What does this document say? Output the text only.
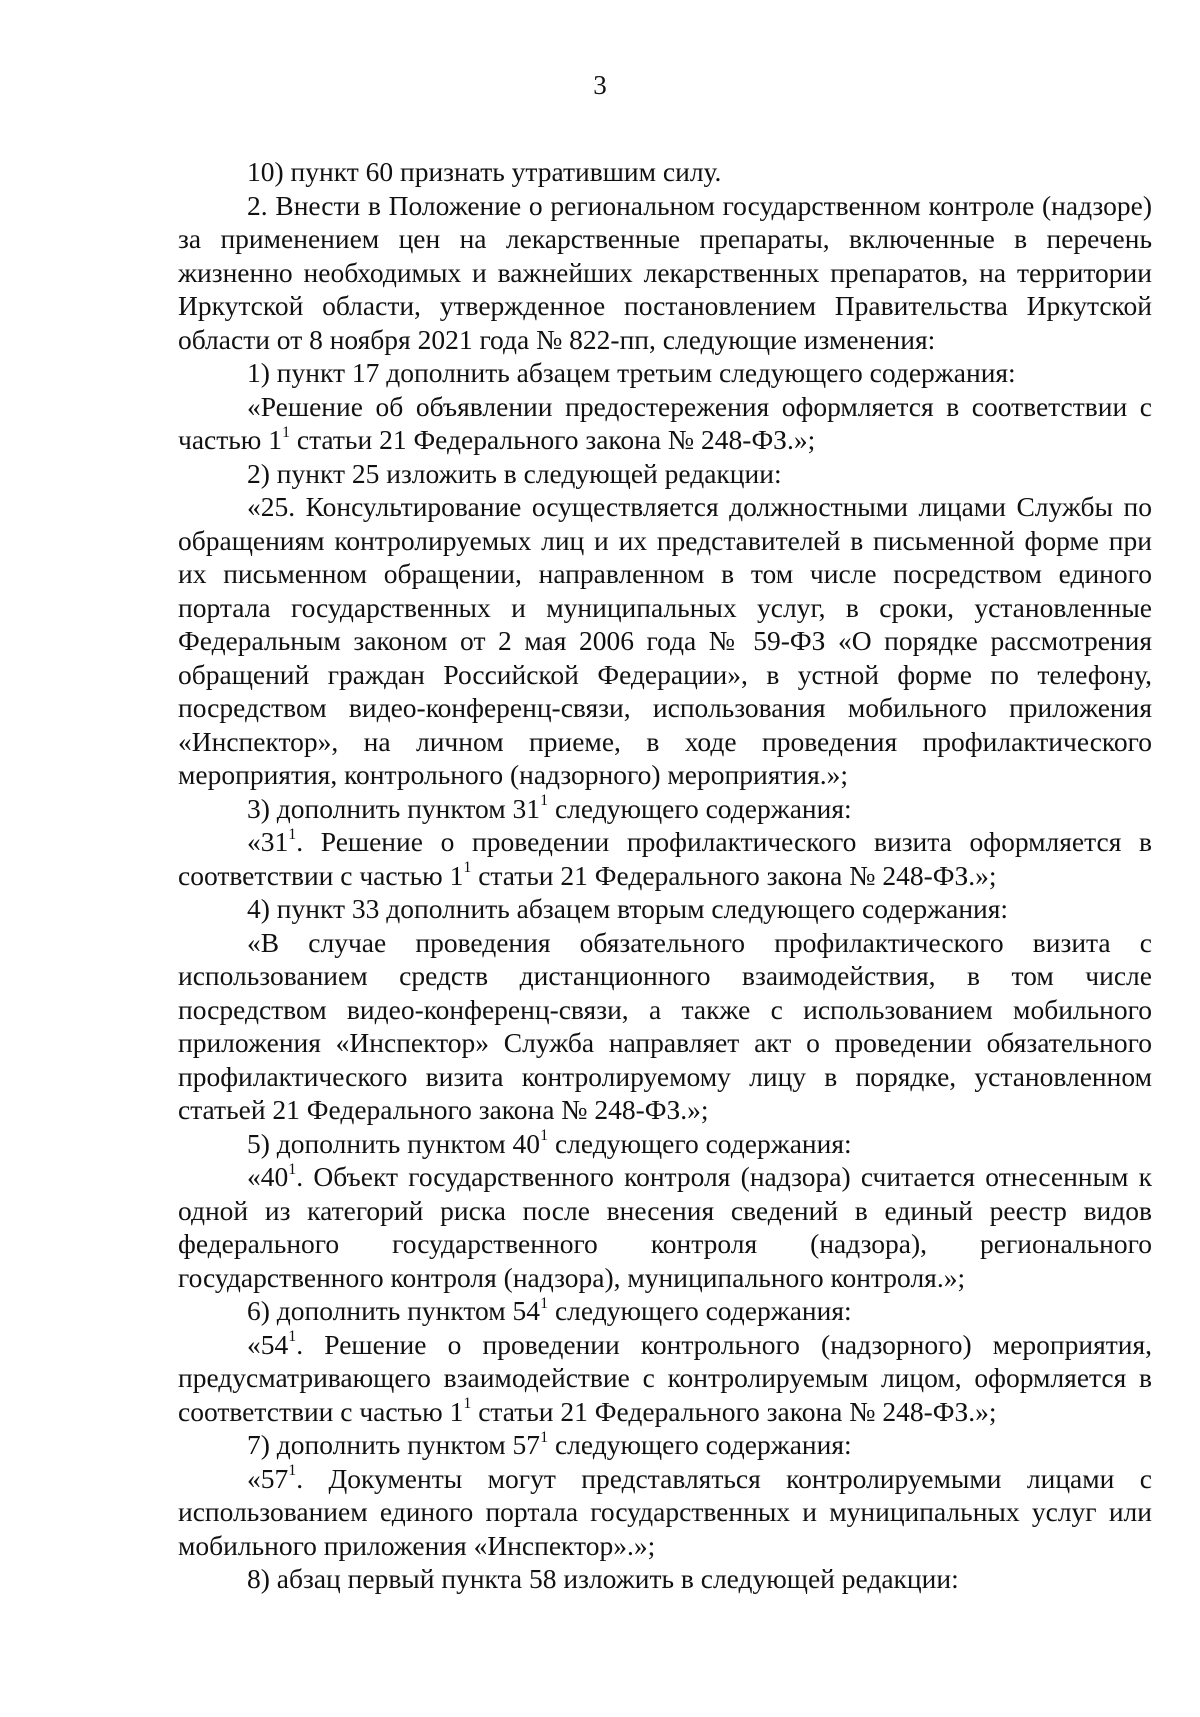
3

10) пункт 60 признать утратившим силу.

2. Внести в Положение о региональном государственном контроле (надзоре) за применением цен на лекарственные препараты, включенные в перечень жизненно необходимых и важнейших лекарственных препаратов, на территории Иркутской области, утвержденное постановлением Правительства Иркутской области от 8 ноября 2021 года № 822-пп, следующие изменения:

1) пункт 17 дополнить абзацем третьим следующего содержания:

«Решение об объявлении предостережения оформляется в соответствии с частью $1^1$ статьи 21 Федерального закона № 248-ФЗ.»;

2) пункт 25 изложить в следующей редакции:

«25. Консультирование осуществляется должностными лицами Службы по обращениям контролируемых лиц и их представителей в письменной форме при их письменном обращении, направленном в том числе посредством единого портала государственных и муниципальных услуг, в сроки, установленные Федеральным законом от 2 мая 2006 года № 59-ФЗ «О порядке рассмотрения обращений граждан Российской Федерации», в устной форме по телефону, посредством видео-конференц-связи, использования мобильного приложения «Инспектор», на личном приеме, в ходе проведения профилактического мероприятия, контрольного (надзорного) мероприятия.»;

3) дополнить пунктом $31^1$ следующего содержания:

«$31^1$. Решение о проведении профилактического визита оформляется в соответствии с частью $1^1$ статьи 21 Федерального закона № 248-ФЗ.»;

4) пункт 33 дополнить абзацем вторым следующего содержания:

«В случае проведения обязательного профилактического визита с использованием средств дистанционного взаимодействия, в том числе посредством видео-конференц-связи, а также с использованием мобильного приложения «Инспектор» Служба направляет акт о проведении обязательного профилактического визита контролируемому лицу в порядке, установленном статьей 21 Федерального закона № 248-ФЗ.»;

5) дополнить пунктом $40^1$ следующего содержания:

«$40^1$. Объект государственного контроля (надзора) считается отнесенным к одной из категорий риска после внесения сведений в единый реестр видов федерального государственного контроля (надзора), регионального государственного контроля (надзора), муниципального контроля.»;

6) дополнить пунктом $54^1$ следующего содержания:

«$54^1$. Решение о проведении контрольного (надзорного) мероприятия, предусматривающего взаимодействие с контролируемым лицом, оформляется в соответствии с частью $1^1$ статьи 21 Федерального закона № 248-ФЗ.»;

7) дополнить пунктом $57^1$ следующего содержания:

«$57^1$. Документы могут представляться контролируемыми лицами с использованием единого портала государственных и муниципальных услуг или мобильного приложения «Инспектор».»;

8) абзац первый пункта 58 изложить в следующей редакции:
